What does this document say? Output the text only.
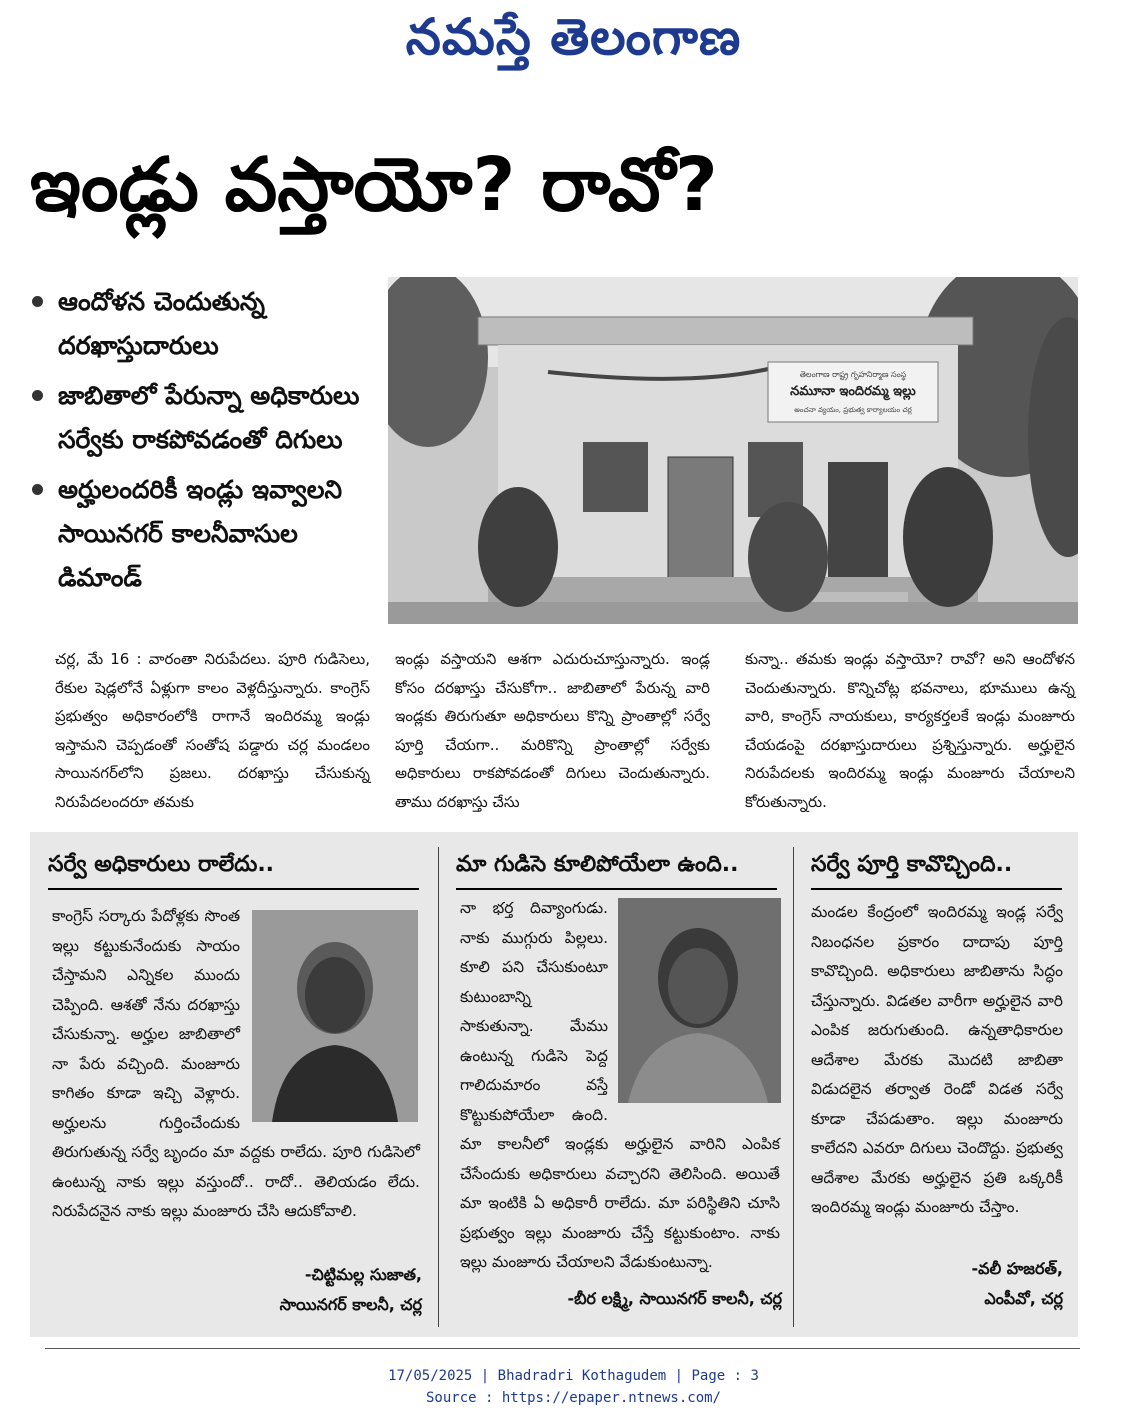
నమస్తే తెలంగాణ
ఇండ్లు వస్తాయో? రావో?
ఆందోళన చెందుతున్న దరఖాస్తుదారులు
జాబితాలో పేరున్నా అధికారులు సర్వేకు రాకపోవడంతో దిగులు
అర్హులందరికీ ఇండ్లు ఇవ్వాలని సాయినగర్ కాలనీవాసుల డిమాండ్
తెలంగాణ రాష్ట్ర గృహనిర్మాణ సంస్థ
నమూనా ఇందిరమ్మ ఇల్లు
అంచనా వ్యయం, ప్రభుత్వ కార్యాలయం చర్ల
చర్ల, మే 16 : వారంతా నిరుపేదలు. పూరి గుడిసెలు, రేకుల షెడ్లలోనే ఏళ్లుగా కాలం వెళ్లదీస్తున్నారు. కాంగ్రెస్ ప్రభుత్వం అధికారంలోకి రాగానే ఇందిరమ్మ ఇండ్లు ఇస్తామని చెప్పడంతో సంతోష పడ్డారు చర్ల మండలం సాయినగర్‌లోని ప్రజలు. దరఖాస్తు చేసుకున్న నిరుపేదలందరూ తమకు
ఇండ్లు వస్తాయని ఆశగా ఎదురుచూస్తున్నారు. ఇండ్ల కోసం దరఖాస్తు చేసుకోగా.. జాబితాలో పేరున్న వారి ఇండ్లకు తిరుగుతూ అధికారులు కొన్ని ప్రాంతాల్లో సర్వే పూర్తి చేయగా.. మరికొన్ని ప్రాంతాల్లో సర్వేకు అధికారులు రాకపోవడంతో దిగులు చెందుతున్నారు. తాము దరఖాస్తు చేసు
కున్నా.. తమకు ఇండ్లు వస్తాయో? రావో? అని ఆందోళన చెందుతున్నారు. కొన్నిచోట్ల భవనాలు, భూములు ఉన్న వారి, కాంగ్రెస్ నాయకులు, కార్యకర్తలకే ఇండ్లు మంజూరు చేయడంపై దరఖాస్తుదారులు ప్రశ్నిస్తున్నారు. అర్హులైన నిరుపేదలకు ఇందిరమ్మ ఇండ్లు మంజూరు చేయాలని కోరుతున్నారు.
సర్వే అధికారులు రాలేదు..
కాంగ్రెస్ సర్కారు పేదోళ్లకు సొంత ఇల్లు కట్టుకునేందుకు సాయం చేస్తామని ఎన్నికల ముందు చెప్పింది. ఆశతో నేను దరఖాస్తు చేసుకున్నా. అర్హుల జాబితాలో నా పేరు వచ్చింది. మంజూరు కాగితం కూడా ఇచ్చి వెళ్లారు. అర్హులను గుర్తించేందుకు తిరుగుతున్న సర్వే బృందం మా వద్దకు రాలేదు. పూరి గుడిసెలో ఉంటున్న నాకు ఇల్లు వస్తుందో.. రాదో.. తెలియడం లేదు. నిరుపేదనైన నాకు ఇల్లు మంజూరు చేసి ఆదుకోవాలి.
-చిట్టిమల్ల సుజాత,
సాయినగర్ కాలనీ, చర్ల
మా గుడిసె కూలిపోయేలా ఉంది..
నా భర్త దివ్యాంగుడు. నాకు ముగ్గురు పిల్లలు. కూలి పని చేసుకుంటూ కుటుంబాన్ని సాకుతున్నా. మేము ఉంటున్న గుడిసె పెద్ద గాలిదుమారం వస్తే కొట్టుకుపోయేలా ఉంది. మా కాలనీలో ఇండ్లకు అర్హులైన వారిని ఎంపిక చేసేందుకు అధికారులు వచ్చారని తెలిసింది. అయితే మా ఇంటికి ఏ అధికారీ రాలేదు. మా పరిస్థితిని చూసి ప్రభుత్వం ఇల్లు మంజూరు చేస్తే కట్టుకుంటాం. నాకు ఇల్లు మంజూరు చేయాలని వేడుకుంటున్నా.
-బీర లక్ష్మి, సాయినగర్ కాలనీ, చర్ల
సర్వే పూర్తి కావొచ్చింది..
మండల కేంద్రంలో ఇందిరమ్మ ఇండ్ల సర్వే నిబంధనల ప్రకారం దాదాపు పూర్తి కావొచ్చింది. అధికారులు జాబితాను సిద్ధం చేస్తున్నారు. విడతల వారీగా అర్హులైన వారి ఎంపిక జరుగుతుంది. ఉన్నతాధికారుల ఆదేశాల మేరకు మొదటి జాబితా విడుదలైన తర్వాత రెండో విడత సర్వే కూడా చేపడుతాం. ఇల్లు మంజూరు కాలేదని ఎవరూ దిగులు చెందొద్దు. ప్రభుత్వ ఆదేశాల మేరకు అర్హులైన ప్రతి ఒక్కరికీ ఇందిరమ్మ ఇండ్లు మంజూరు చేస్తాం.
-వలీ హజరత్,
ఎంపీవో, చర్ల
17/05/2025 | Bhadradri Kothagudem | Page : 3
Source : https://epaper.ntnews.com/
